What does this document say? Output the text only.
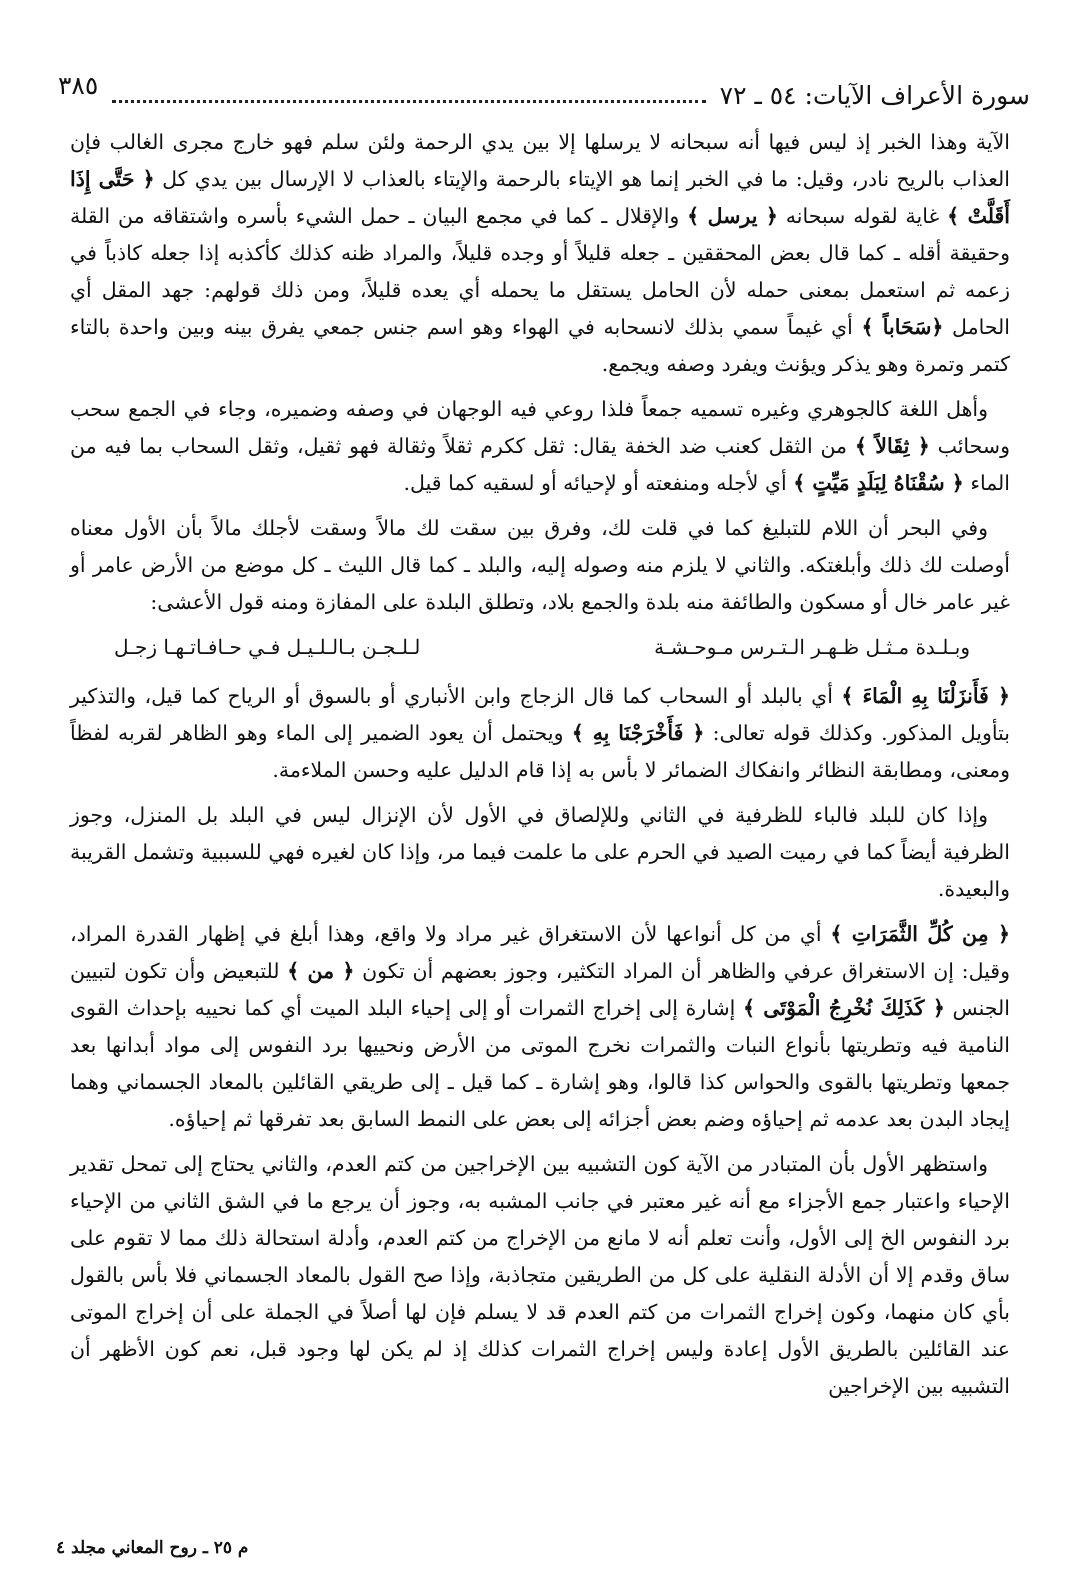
سورة الأعراف الآيات: ٥٤ ـ ٧٢
٣٨٥

الآية وهذا الخبر إذ ليس فيها أنه سبحانه لا يرسلها إلا بين يدي الرحمة ولئن سلم فهو خارج مجرى الغالب فإن العذاب بالريح نادر، وقيل: ما في الخبر إنما هو الإيتاء بالرحمة والإيتاء بالعذاب لا الإرسال بين يدي كل ﴿ حَتَّى إِذَا أَقَلَّتْ ﴾ غاية لقوله سبحانه ﴿ يرسل ﴾ والإقلال ـ كما في مجمع البيان ـ حمل الشيء بأسره واشتقاقه من القلة وحقيقة أقله ـ كما قال بعض المحققين ـ جعله قليلاً أو وجده قليلاً، والمراد ظنه كذلك كأكذبه إذا جعله كاذباً في زعمه ثم استعمل بمعنى حمله لأن الحامل يستقل ما يحمله أي يعده قليلاً، ومن ذلك قولهم: جهد المقل أي الحامل ﴿سَحَاباً ﴾ أي غيماً سمي بذلك لانسحابه في الهواء وهو اسم جنس جمعي يفرق بينه وبين واحدة بالتاء كتمر وتمرة وهو يذكر ويؤنث ويفرد وصفه ويجمع.

وأهل اللغة كالجوهري وغيره تسميه جمعاً فلذا روعي فيه الوجهان في وصفه وضميره، وجاء في الجمع سحب وسحائب ﴿ ثِقَالاً ﴾ من الثقل كعنب ضد الخفة يقال: ثقل ككرم ثقلاً وثقالة فهو ثقيل، وثقل السحاب بما فيه من الماء ﴿ سُقْنَاهُ لِبَلَدٍ مَيِّتٍ ﴾ أي لأجله ومنفعته أو لإحيائه أو لسقيه كما قيل.

وفي البحر أن اللام للتبليغ كما في قلت لك، وفرق بين سقت لك مالاً وسقت لأجلك مالاً بأن الأول معناه أوصلت لك ذلك وأبلغتكه. والثاني لا يلزم منه وصوله إليه، والبلد ـ كما قال الليث ـ كل موضع من الأرض عامر أو غير عامر خال أو مسكون والطائفة منه بلدة والجمع بلاد، وتطلق البلدة على المفازة ومنه قول الأعشى:

وبـلـدة مـثـل ظـهـر الـتـرس مـوحـشـة
لـلـجـن بـالـلـيـل فـي حـافـاتـهـا زجـل

﴿ فَأَنزَلْنَا بِهِ الْمَاءَ ﴾ أي بالبلد أو السحاب كما قال الزجاج وابن الأنباري أو بالسوق أو الرياح كما قيل، والتذكير بتأويل المذكور. وكذلك قوله تعالى: ﴿ فَأَخْرَجْنَا بِهِ ﴾ ويحتمل أن يعود الضمير إلى الماء وهو الظاهر لقربه لفظاً ومعنى، ومطابقة النظائر وانفكاك الضمائر لا بأس به إذا قام الدليل عليه وحسن الملاءمة.

وإذا كان للبلد فالباء للظرفية في الثاني وللإلصاق في الأول لأن الإنزال ليس في البلد بل المنزل، وجوز الظرفية أيضاً كما في رميت الصيد في الحرم على ما علمت فيما مر، وإذا كان لغيره فهي للسببية وتشمل القريبة والبعيدة.

﴿ مِن كُلِّ الثَّمَرَاتِ ﴾ أي من كل أنواعها لأن الاستغراق غير مراد ولا واقع، وهذا أبلغ في إظهار القدرة المراد، وقيل: إن الاستغراق عرفي والظاهر أن المراد التكثير، وجوز بعضهم أن تكون ﴿ من ﴾ للتبعيض وأن تكون لتبيين الجنس ﴿ كَذَلِكَ نُخْرِجُ الْمَوْتَى ﴾ إشارة إلى إخراج الثمرات أو إلى إحياء البلد الميت أي كما نحييه بإحداث القوى النامية فيه وتطريتها بأنواع النبات والثمرات نخرج الموتى من الأرض ونحييها برد النفوس إلى مواد أبدانها بعد جمعها وتطريتها بالقوى والحواس كذا قالوا، وهو إشارة ـ كما قيل ـ إلى طريقي القائلين بالمعاد الجسماني وهما إيجاد البدن بعد عدمه ثم إحياؤه وضم بعض أجزائه إلى بعض على النمط السابق بعد تفرقها ثم إحياؤه.

واستظهر الأول بأن المتبادر من الآية كون التشبيه بين الإخراجين من كتم العدم، والثاني يحتاج إلى تمحل تقدير الإحياء واعتبار جمع الأجزاء مع أنه غير معتبر في جانب المشبه به، وجوز أن يرجع ما في الشق الثاني من الإحياء برد النفوس الخ إلى الأول، وأنت تعلم أنه لا مانع من الإخراج من كتم العدم، وأدلة استحالة ذلك مما لا تقوم على ساق وقدم إلا أن الأدلة النقلية على كل من الطريقين متجاذبة، وإذا صح القول بالمعاد الجسماني فلا بأس بالقول بأي كان منهما، وكون إخراج الثمرات من كتم العدم قد لا يسلم فإن لها أصلاً في الجملة على أن إخراج الموتى عند القائلين بالطريق الأول إعادة وليس إخراج الثمرات كذلك إذ لم يكن لها وجود قبل، نعم كون الأظهر أن التشبيه بين الإخراجين

م ٢٥ ـ روح المعاني مجلد ٤
